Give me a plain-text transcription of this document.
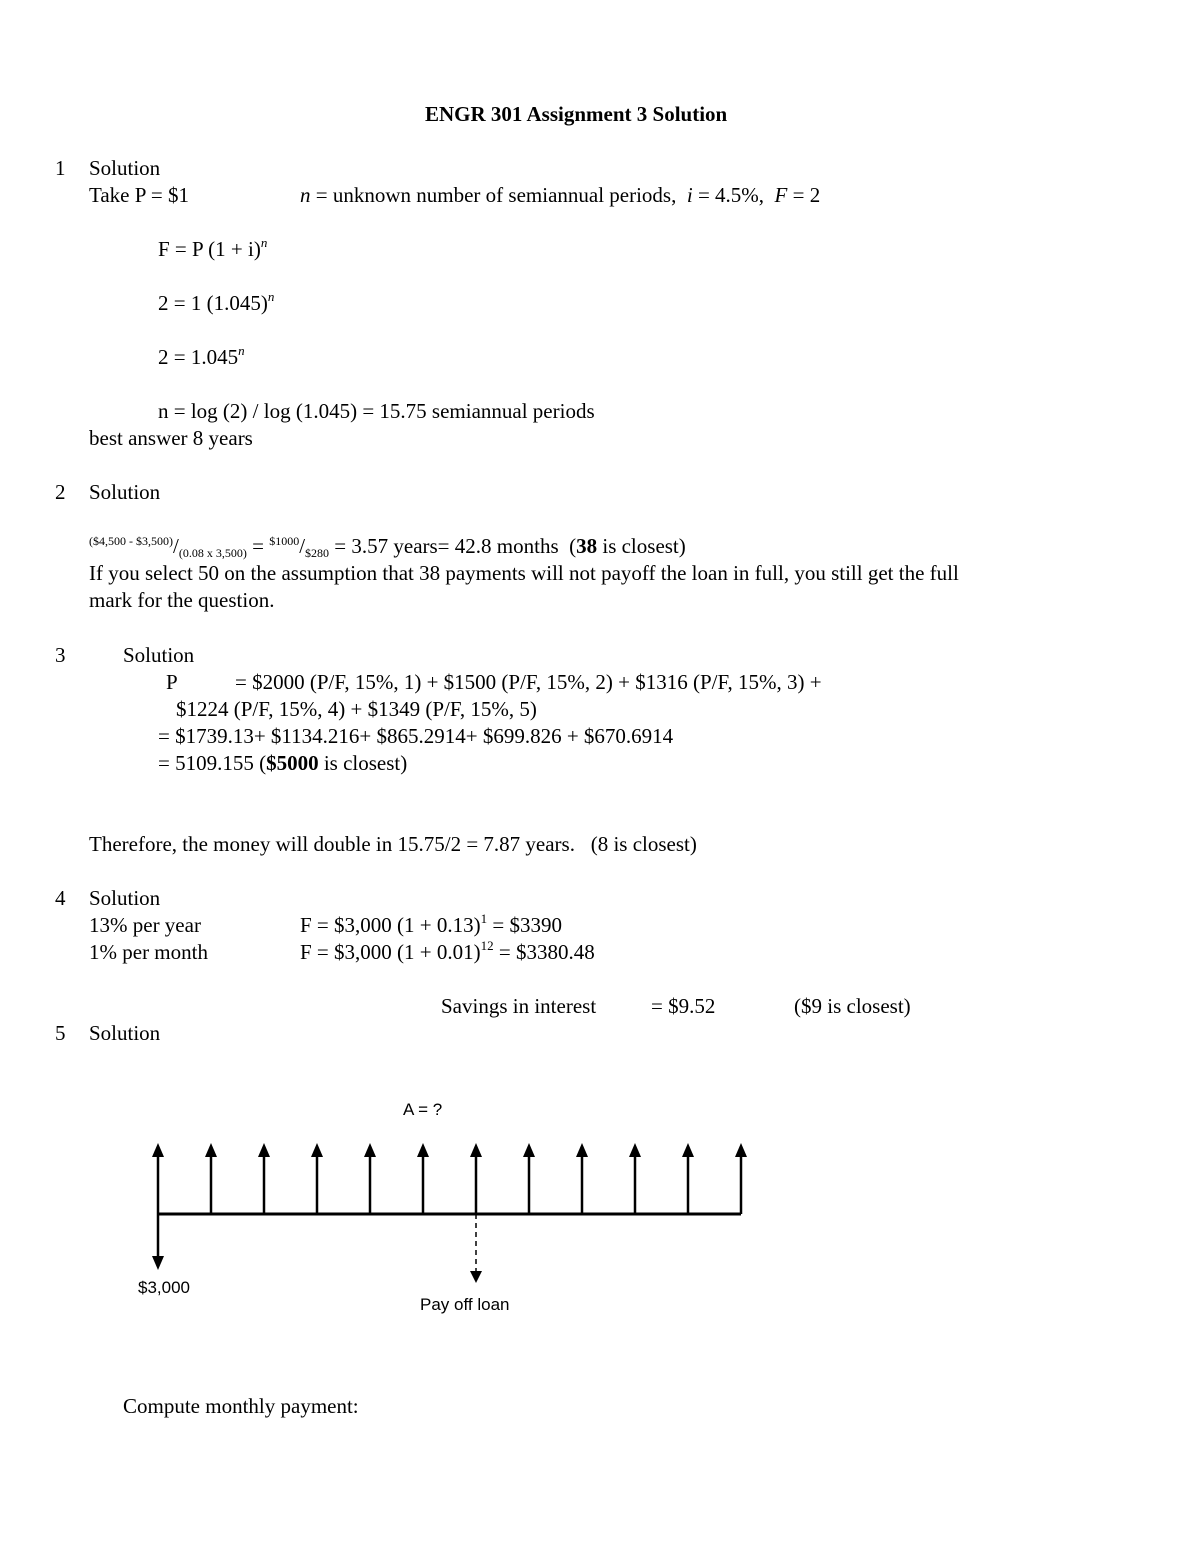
ENGR 301 Assignment 3 Solution
1 Solution
Take P = $1	n = unknown number of semiannual periods,  i = 4.5%,  F = 2
F = P $(1 + i)^n$
2 = 1 $(1.045)^n$
$2 = 1.045^n$
n = log (2) / log (1.045) = 15.75 semiannual periods
best answer 8 years
2 Solution
$^{(\$4,500 - \$3,500)}$/(0.08 x 3,500) = $^{\$1000}$/$280 = 3.57 years= 42.8 months  (38 is closest)
If you select 50 on the assumption that 38 payments will not payoff the loan in full, you still get the full
mark for the question.
3	Solution
P	= $2000 (P/F, 15%, 1) + $1500 (P/F, 15%, 2) + $1316 (P/F, 15%, 3) +
$1224 (P/F, 15%, 4) + $1349 (P/F, 15%, 5)
= $1739.13+ $1134.216+ $865.2914+ $699.826 + $670.6914
= 5109.155 ($5000 is closest)
Therefore, the money will double in 15.75/2 = 7.87 years.   (8 is closest)
4 Solution
13% per year	F = $3,000 $(1 + 0.13)^1$ = $3390
1% per month	F = $3,000 $(1 + 0.01)^{12}$ = $3380.48
Savings in interest	= $9.52	($9 is closest)
5 Solution
A = ?
$3,000
Pay off loan
Compute monthly payment:
